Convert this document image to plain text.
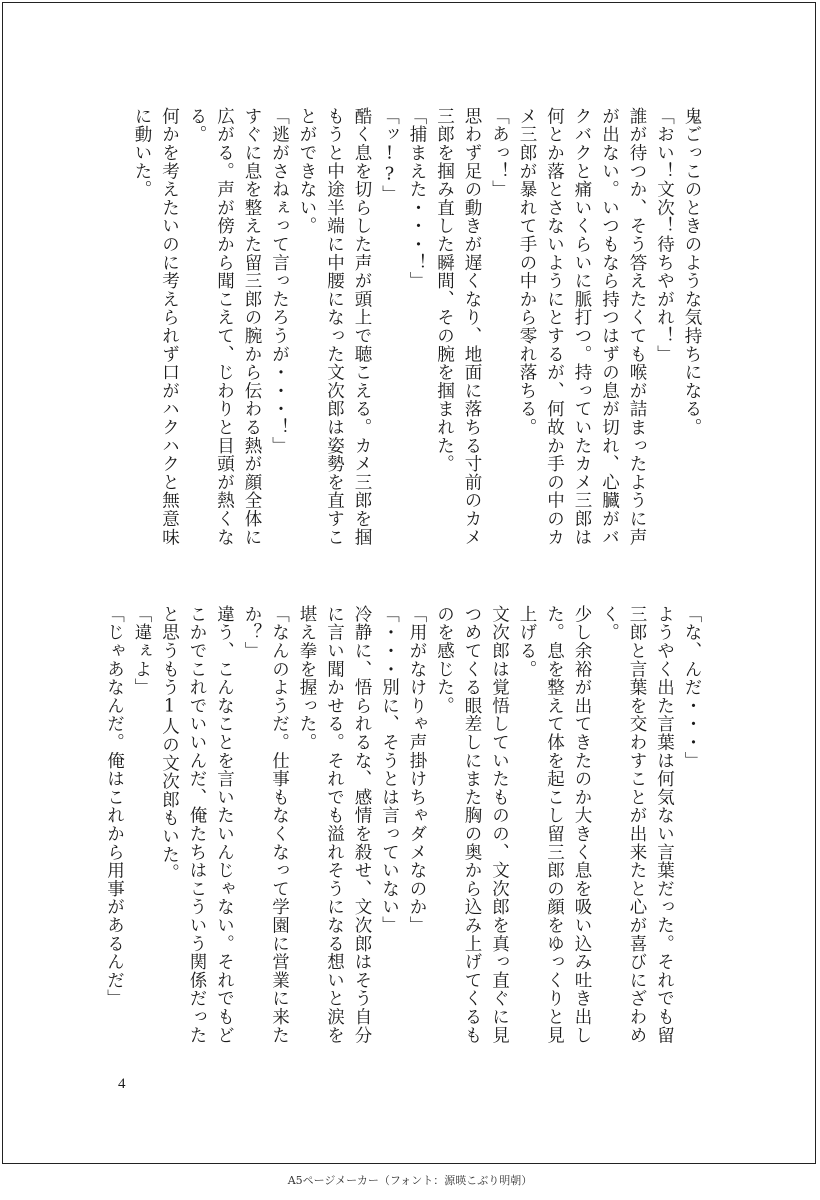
鬼ごっこのときのような気持ちになる。

「おい！文次！待ちやがれ！」

誰が待つか、そう答えたくても喉が詰まったように声が出ない。いつもなら持つはずの息が切れ、心臓がバクバクと痛いくらいに脈打つ。持っていたカメ三郎は何とか落とさないようにとするが、何故か手の中のカメ三郎が暴れて手の中から零れ落ちる。

「あっ！」

思わず足の動きが遅くなり、地面に落ちる寸前のカメ三郎を掴み直した瞬間、その腕を掴まれた。

「捕まえた・・・！」

「ッ!?」

酷く息を切らした声が頭上で聴こえる。カメ三郎を掴もうと中途半端に中腰になった文次郎は姿勢を直すことができない。

「逃がさねぇって言ったろうが・・・！」

すぐに息を整えた留三郎の腕から伝わる熱が顔全体に広がる。声が傍から聞こえて、じわりと目頭が熱くなる。

何かを考えたいのに考えられず口がハクハクと無意味に動いた。

「な、んだ・・・」

ようやく出た言葉は何気ない言葉だった。それでも留三郎と言葉を交わすことが出来たと心が喜びにざわめく。

少し余裕が出てきたのか大きく息を吸い込み吐き出した。息を整えて体を起こし留三郎の顔をゆっくりと見上げる。

文次郎は覚悟していたものの、文次郎を真っ直ぐに見つめてくる眼差しにまた胸の奥から込み上げてくるものを感じた。

「用がなけりゃ声掛けちゃダメなのか」

「・・・別に、そうとは言っていない」

冷静に、悟られるな、感情を殺せ、文次郎はそう自分に言い聞かせる。それでも溢れそうになる想いと涙を堪え拳を握った。

「なんのようだ。仕事もなくなって学園に営業に来たか？」

違う、こんなことを言いたいんじゃない。それでもどこかでこれでいいんだ、俺たちはこういう関係だったと思うもう1人の文次郎もいた。

「違ぇよ」

「じゃあなんだ。俺はこれから用事があるんだ」

4
A5ページメーカー（フォント：源暎こぶり明朝）
